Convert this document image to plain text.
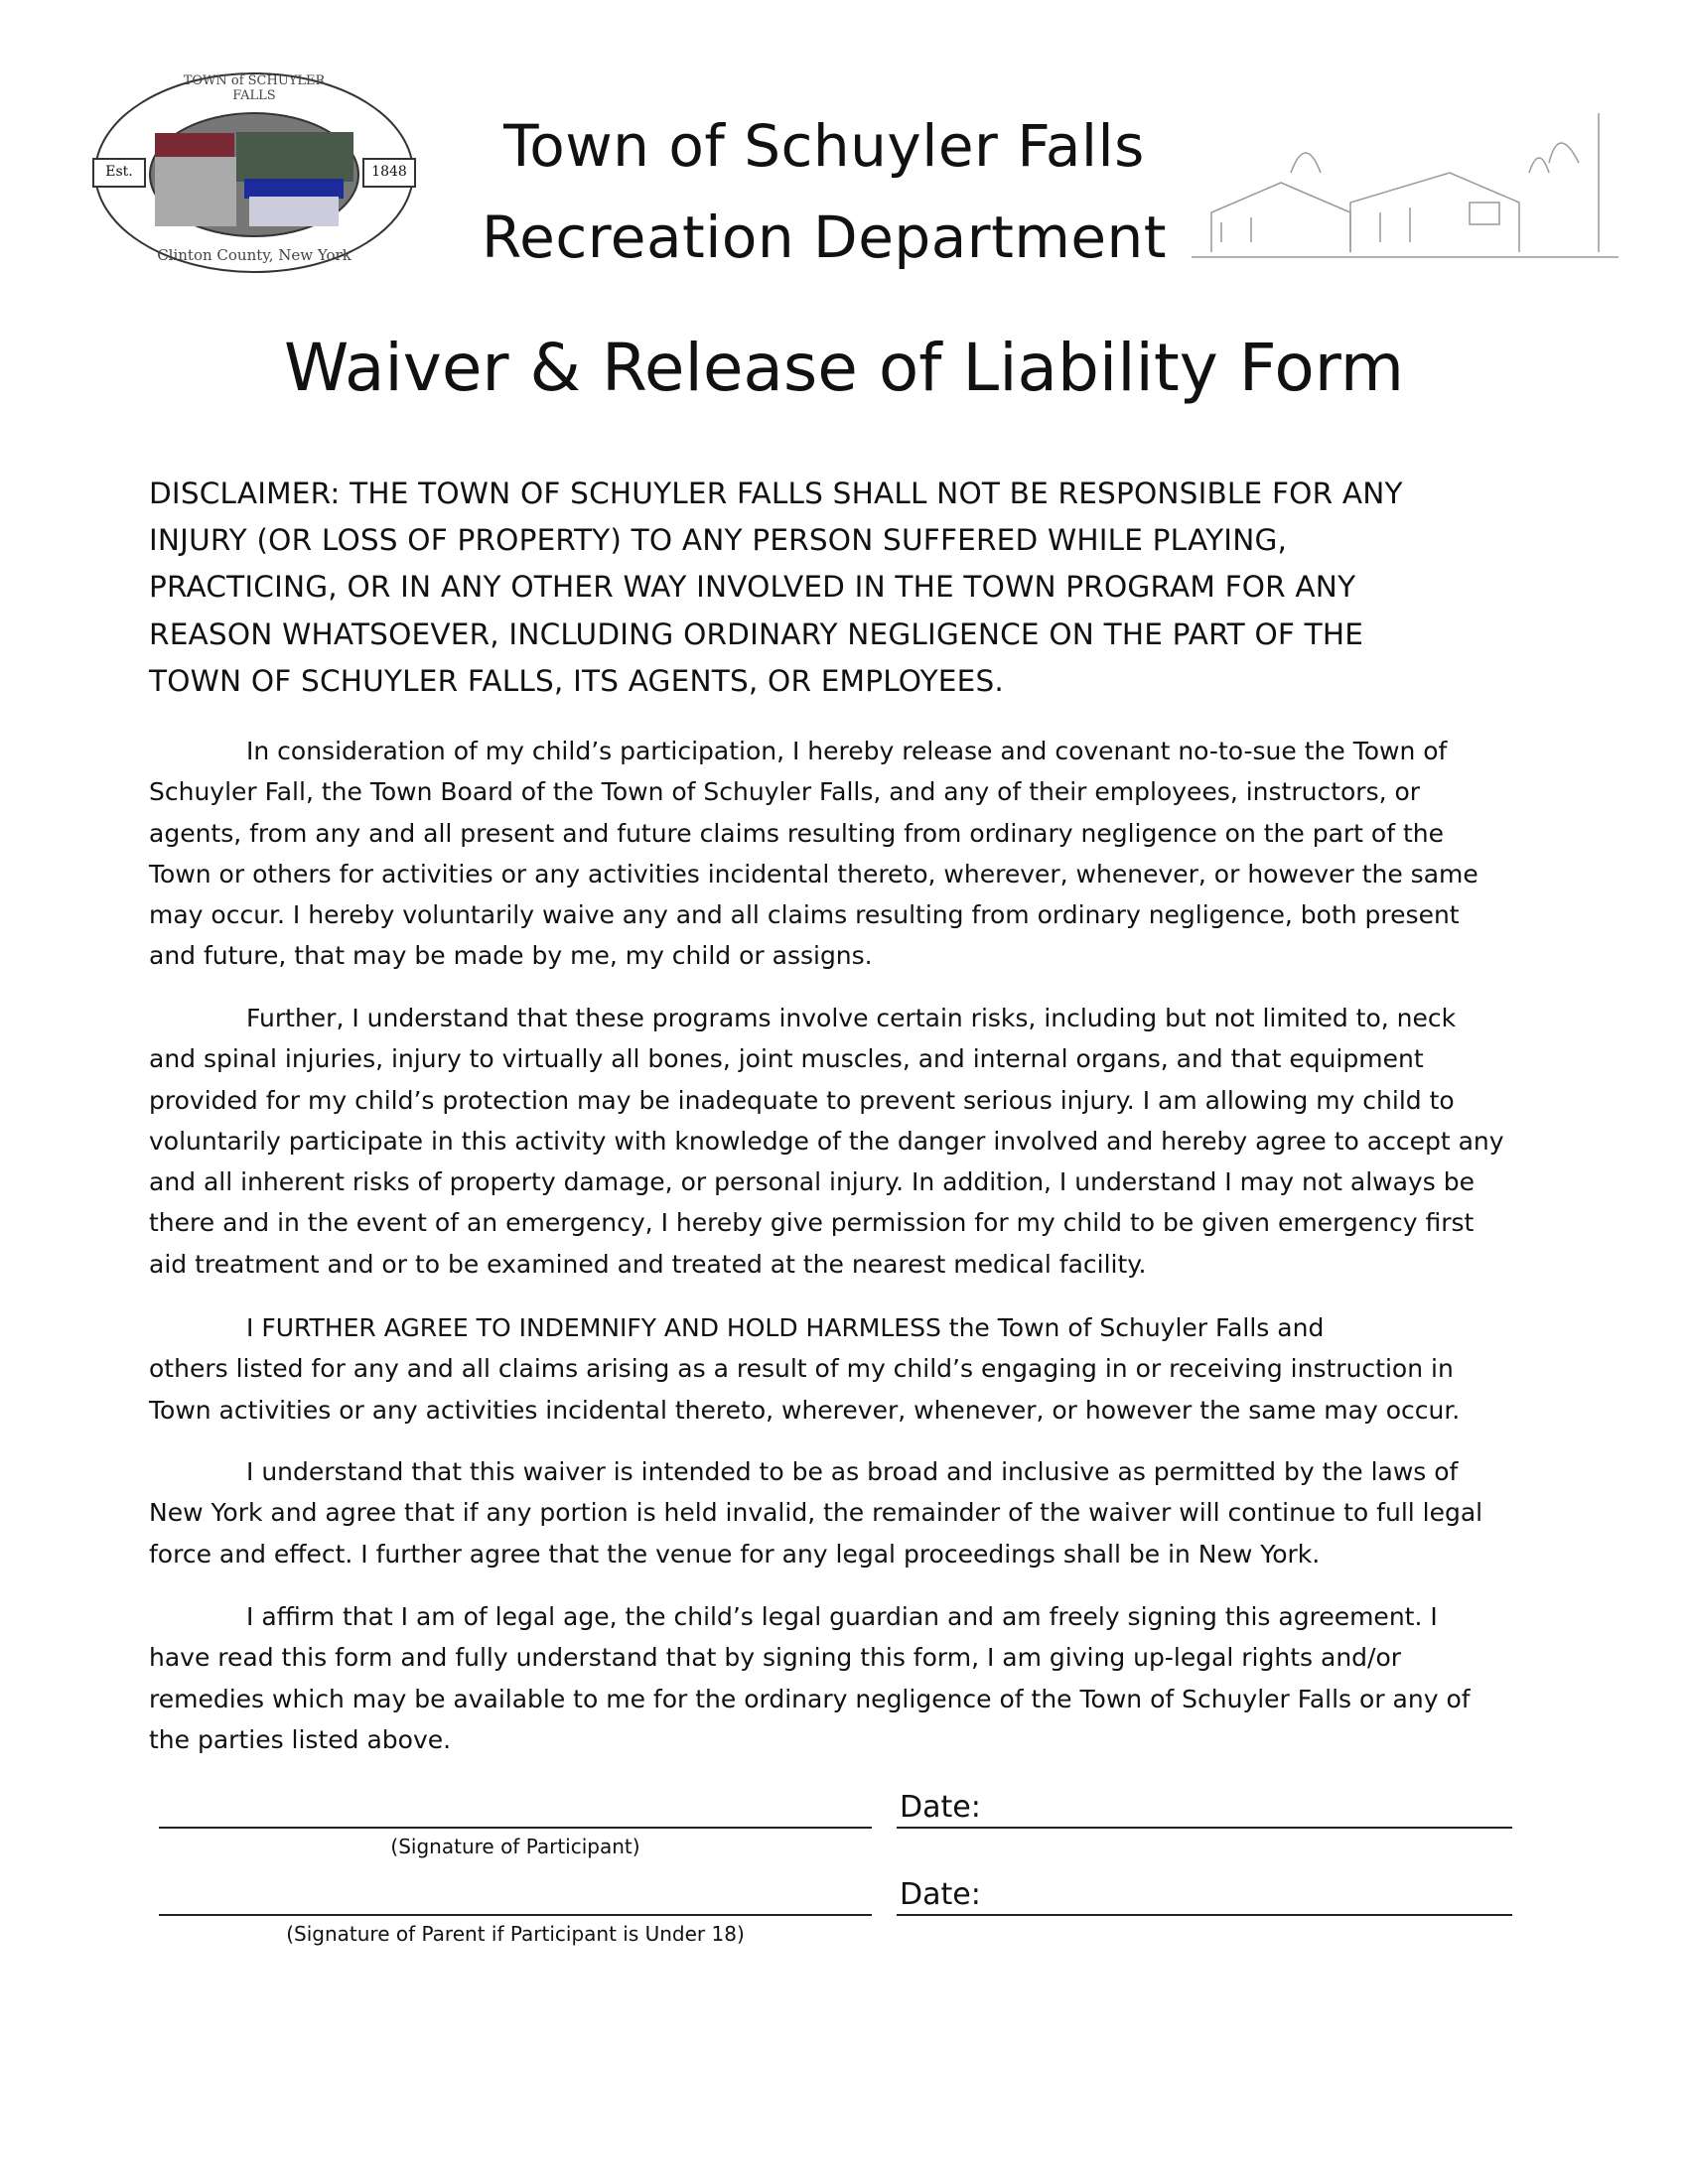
TOWN of SCHUYLER FALLS
Clinton County, New York
Est.	1848	Town of Schuyler Falls
Recreation Department
Waiver & Release of Liability Form
DISCLAIMER: THE TOWN OF SCHUYLER FALLS SHALL NOT BE RESPONSIBLE FOR ANY
INJURY (OR LOSS OF PROPERTY) TO ANY PERSON SUFFERED WHILE PLAYING,
PRACTICING, OR IN ANY OTHER WAY INVOLVED IN THE TOWN PROGRAM FOR ANY
REASON WHATSOEVER, INCLUDING ORDINARY NEGLIGENCE ON THE PART OF THE
TOWN OF SCHUYLER FALLS, ITS AGENTS, OR EMPLOYEES.
In consideration of my child’s participation, I hereby release and covenant no-to-sue the Town of
Schuyler Fall, the Town Board of the Town of Schuyler Falls, and any of their employees, instructors, or
agents, from any and all present and future claims resulting from ordinary negligence on the part of the
Town or others for activities or any activities incidental thereto, wherever, whenever, or however the same
may occur. I hereby voluntarily waive any and all claims resulting from ordinary negligence, both present
and future, that may be made by me, my child or assigns.
Further, I understand that these programs involve certain risks, including but not limited to, neck
and spinal injuries, injury to virtually all bones, joint muscles, and internal organs, and that equipment
provided for my child’s protection may be inadequate to prevent serious injury. I am allowing my child to
voluntarily participate in this activity with knowledge of the danger involved and hereby agree to accept any
and all inherent risks of property damage, or personal injury. In addition, I understand I may not always be
there and in the event of an emergency, I hereby give permission for my child to be given emergency first
aid treatment and or to be examined and treated at the nearest medical facility.
I FURTHER AGREE TO INDEMNIFY AND HOLD HARMLESS the Town of Schuyler Falls and
others listed for any and all claims arising as a result of my child’s engaging in or receiving instruction in
Town activities or any activities incidental thereto, wherever, whenever, or however the same may occur.
I understand that this waiver is intended to be as broad and inclusive as permitted by the laws of
New York and agree that if any portion is held invalid, the remainder of the waiver will continue to full legal
force and effect. I further agree that the venue for any legal proceedings shall be in New York.
I affirm that I am of legal age, the child’s legal guardian and am freely signing this agreement. I
have read this form and fully understand that by signing this form, I am giving up-legal rights and/or
remedies which may be available to me for the ordinary negligence of the Town of Schuyler Falls or any of
the parties listed above.
Date:
(Signature of Participant)
Date:
(Signature of Parent if Participant is Under 18)
